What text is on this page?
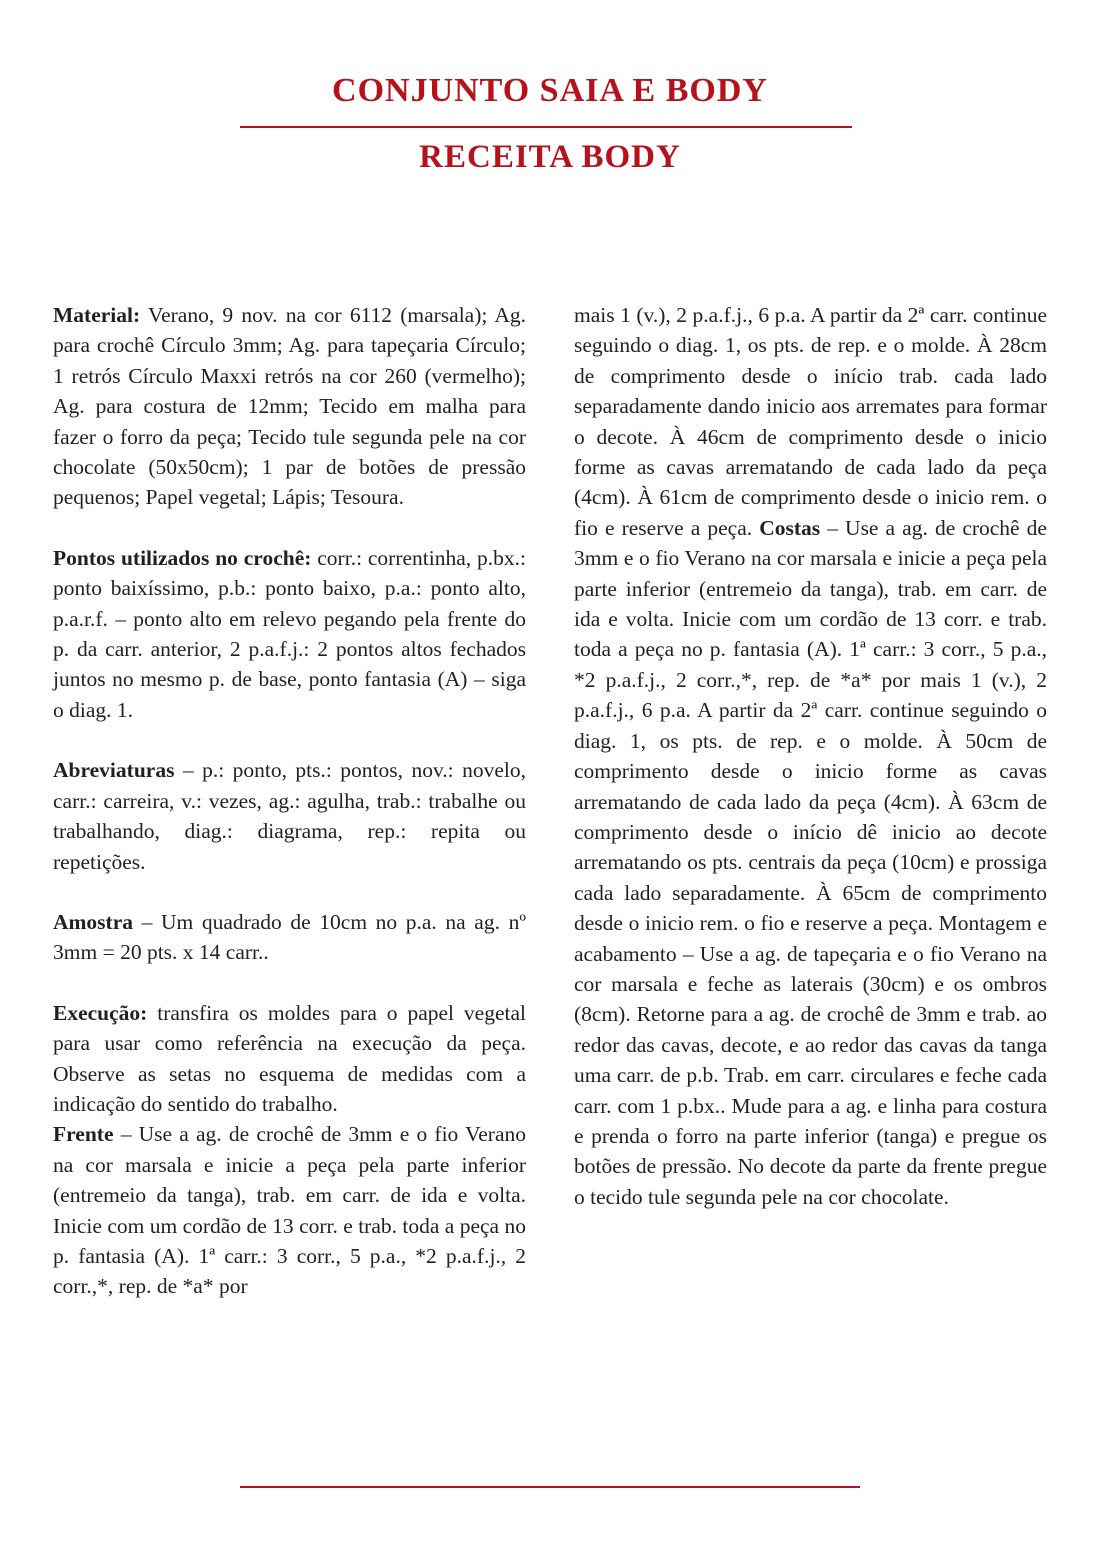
CONJUNTO SAIA E BODY
RECEITA BODY

Material: Verano, 9 nov. na cor 6112 (marsala); Ag. para crochê Círculo 3mm; Ag. para tapeçaria Círculo; 1 retrós Círculo Maxxi retrós na cor 260 (vermelho); Ag. para costura de 12mm; Tecido em malha para fazer o forro da peça; Tecido tule segunda pele na cor chocolate (50x50cm); 1 par de botões de pressão pequenos; Papel vegetal; Lápis; Tesoura.

Pontos utilizados no crochê: corr.: correntinha, p.bx.: ponto baixíssimo, p.b.: ponto baixo, p.a.: ponto alto, p.a.r.f. – ponto alto em relevo pegando pela frente do p. da carr. anterior, 2 p.a.f.j.: 2 pontos altos fechados juntos no mesmo p. de base, ponto fantasia (A) – siga o diag. 1.

Abreviaturas – p.: ponto, pts.: pontos, nov.: novelo, carr.: carreira, v.: vezes, ag.: agulha, trab.: trabalhe ou trabalhando, diag.: diagrama, rep.: repita ou repetições.

Amostra – Um quadrado de 10cm no p.a. na ag. nº 3mm = 20 pts. x 14 carr..

Execução: transfira os moldes para o papel vegetal para usar como referência na execução da peça. Observe as setas no esquema de medidas com a indicação do sentido do trabalho.

Frente – Use a ag. de crochê de 3mm e o fio Verano na cor marsala e inicie a peça pela parte inferior (entremeio da tanga), trab. em carr. de ida e volta. Inicie com um cordão de 13 corr. e trab. toda a peça no p. fantasia (A). 1ª carr.: 3 corr., 5 p.a., *2 p.a.f.j., 2 corr.,*, rep. de *a* por

mais 1 (v.), 2 p.a.f.j., 6 p.a. A partir da 2ª carr. continue seguindo o diag. 1, os pts. de rep. e o molde. À 28cm de comprimento desde o início trab. cada lado separadamente dando inicio aos arremates para formar o decote. À 46cm de comprimento desde o inicio forme as cavas arrematando de cada lado da peça (4cm). À 61cm de comprimento desde o inicio rem. o fio e reserve a peça. Costas – Use a ag. de crochê de 3mm e o fio Verano na cor marsala e inicie a peça pela parte inferior (entremeio da tanga), trab. em carr. de ida e volta. Inicie com um cordão de 13 corr. e trab. toda a peça no p. fantasia (A). 1ª carr.: 3 corr., 5 p.a., *2 p.a.f.j., 2 corr.,*, rep. de *a* por mais 1 (v.), 2 p.a.f.j., 6 p.a. A partir da 2ª carr. continue seguindo o diag. 1, os pts. de rep. e o molde. À 50cm de comprimento desde o inicio forme as cavas arrematando de cada lado da peça (4cm). À 63cm de comprimento desde o início dê inicio ao decote arrematando os pts. centrais da peça (10cm) e prossiga cada lado separadamente. À 65cm de comprimento desde o inicio rem. o fio e reserve a peça. Montagem e acabamento – Use a ag. de tapeçaria e o fio Verano na cor marsala e feche as laterais (30cm) e os ombros (8cm). Retorne para a ag. de crochê de 3mm e trab. ao redor das cavas, decote, e ao redor das cavas da tanga uma carr. de p.b. Trab. em carr. circulares e feche cada carr. com 1 p.bx.. Mude para a ag. e linha para costura e prenda o forro na parte inferior (tanga) e pregue os botões de pressão. No decote da parte da frente pregue o tecido tule segunda pele na cor chocolate.
